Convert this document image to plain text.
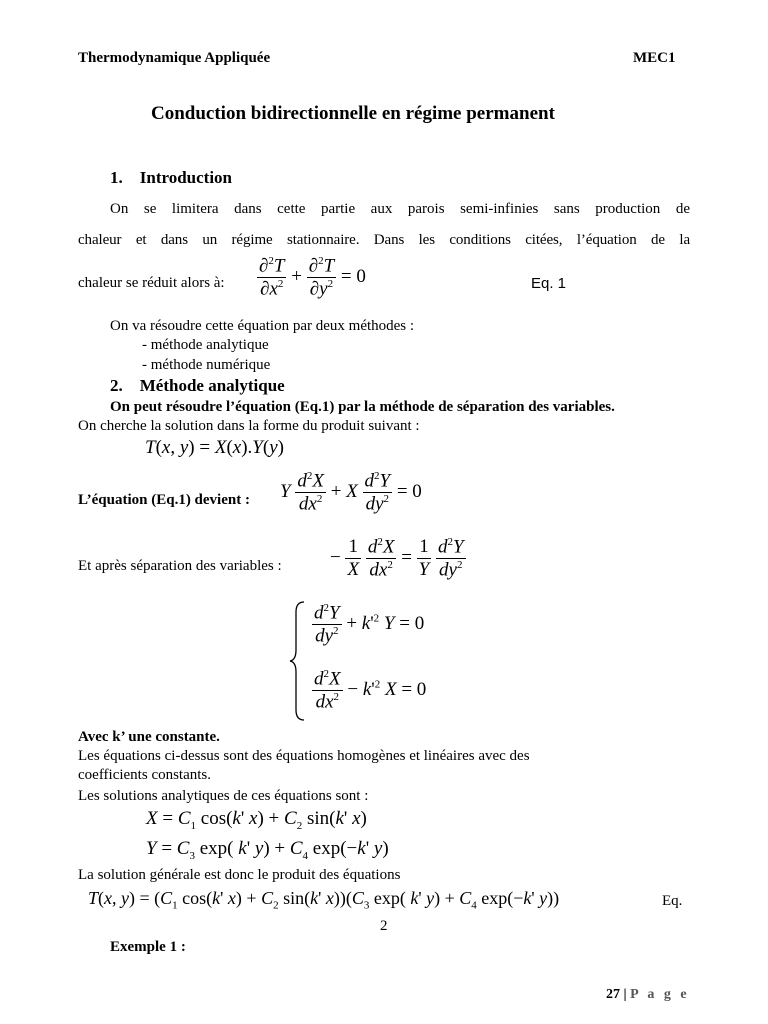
Thermodynamique Appliquée	MEC1
Conduction bidirectionnelle en régime permanent
1. Introduction
On se limitera dans cette partie aux parois semi-infinies sans production de
chaleur et dans un régime stationnaire. Dans les conditions citées, l’équation de la
chaleur se réduit alors à: $\frac{\partial^2T}{\partial x^2} + \frac{\partial^2T}{\partial y^2} = 0$	Eq. 1
On va résoudre cette équation par deux méthodes :
- méthode analytique
- méthode numérique
2. Méthode analytique
On peut résoudre l’équation (Eq.1) par la méthode de séparation des variables.
On cherche la solution dans la forme du produit suivant :
T(x, y) = X(x).Y(y)
L’équation (Eq.1) devient : Y $\frac{d^2X}{dx^2} + X \frac{d^2Y}{dy^2} = 0$
Et après séparation des variables :	− $\frac{1}{X}$
$\frac{d^2X}{dx^2} = \frac{1}{Y}$
$\frac{d^2Y}{dy^2}$
$\frac{d^2Y}{dy^2} + k'^2$ Y = 0
$\frac{d^2X}{dx^2} - k'^2$ X = 0
Avec k’ une constante.
Les équations ci-dessus sont des équations homogènes et linéaires avec des
coefficients constants.
Les solutions analytiques de ces équations sont :
$X = C_1$ cos(k' $x) + C_2$ sin(k' x)
$Y = C_3$ exp( k' $y) + C_4$ exp(−k' y)
La solution générale est donc le produit des équations
T(x, $y) = (C_1$ cos(k' $x) + C_2$ sin(k' $x))(C_3$ exp( k' $y) + C_4$ exp(−k' y))	Eq.
2
Exemple 1 :
27 | P a g e
